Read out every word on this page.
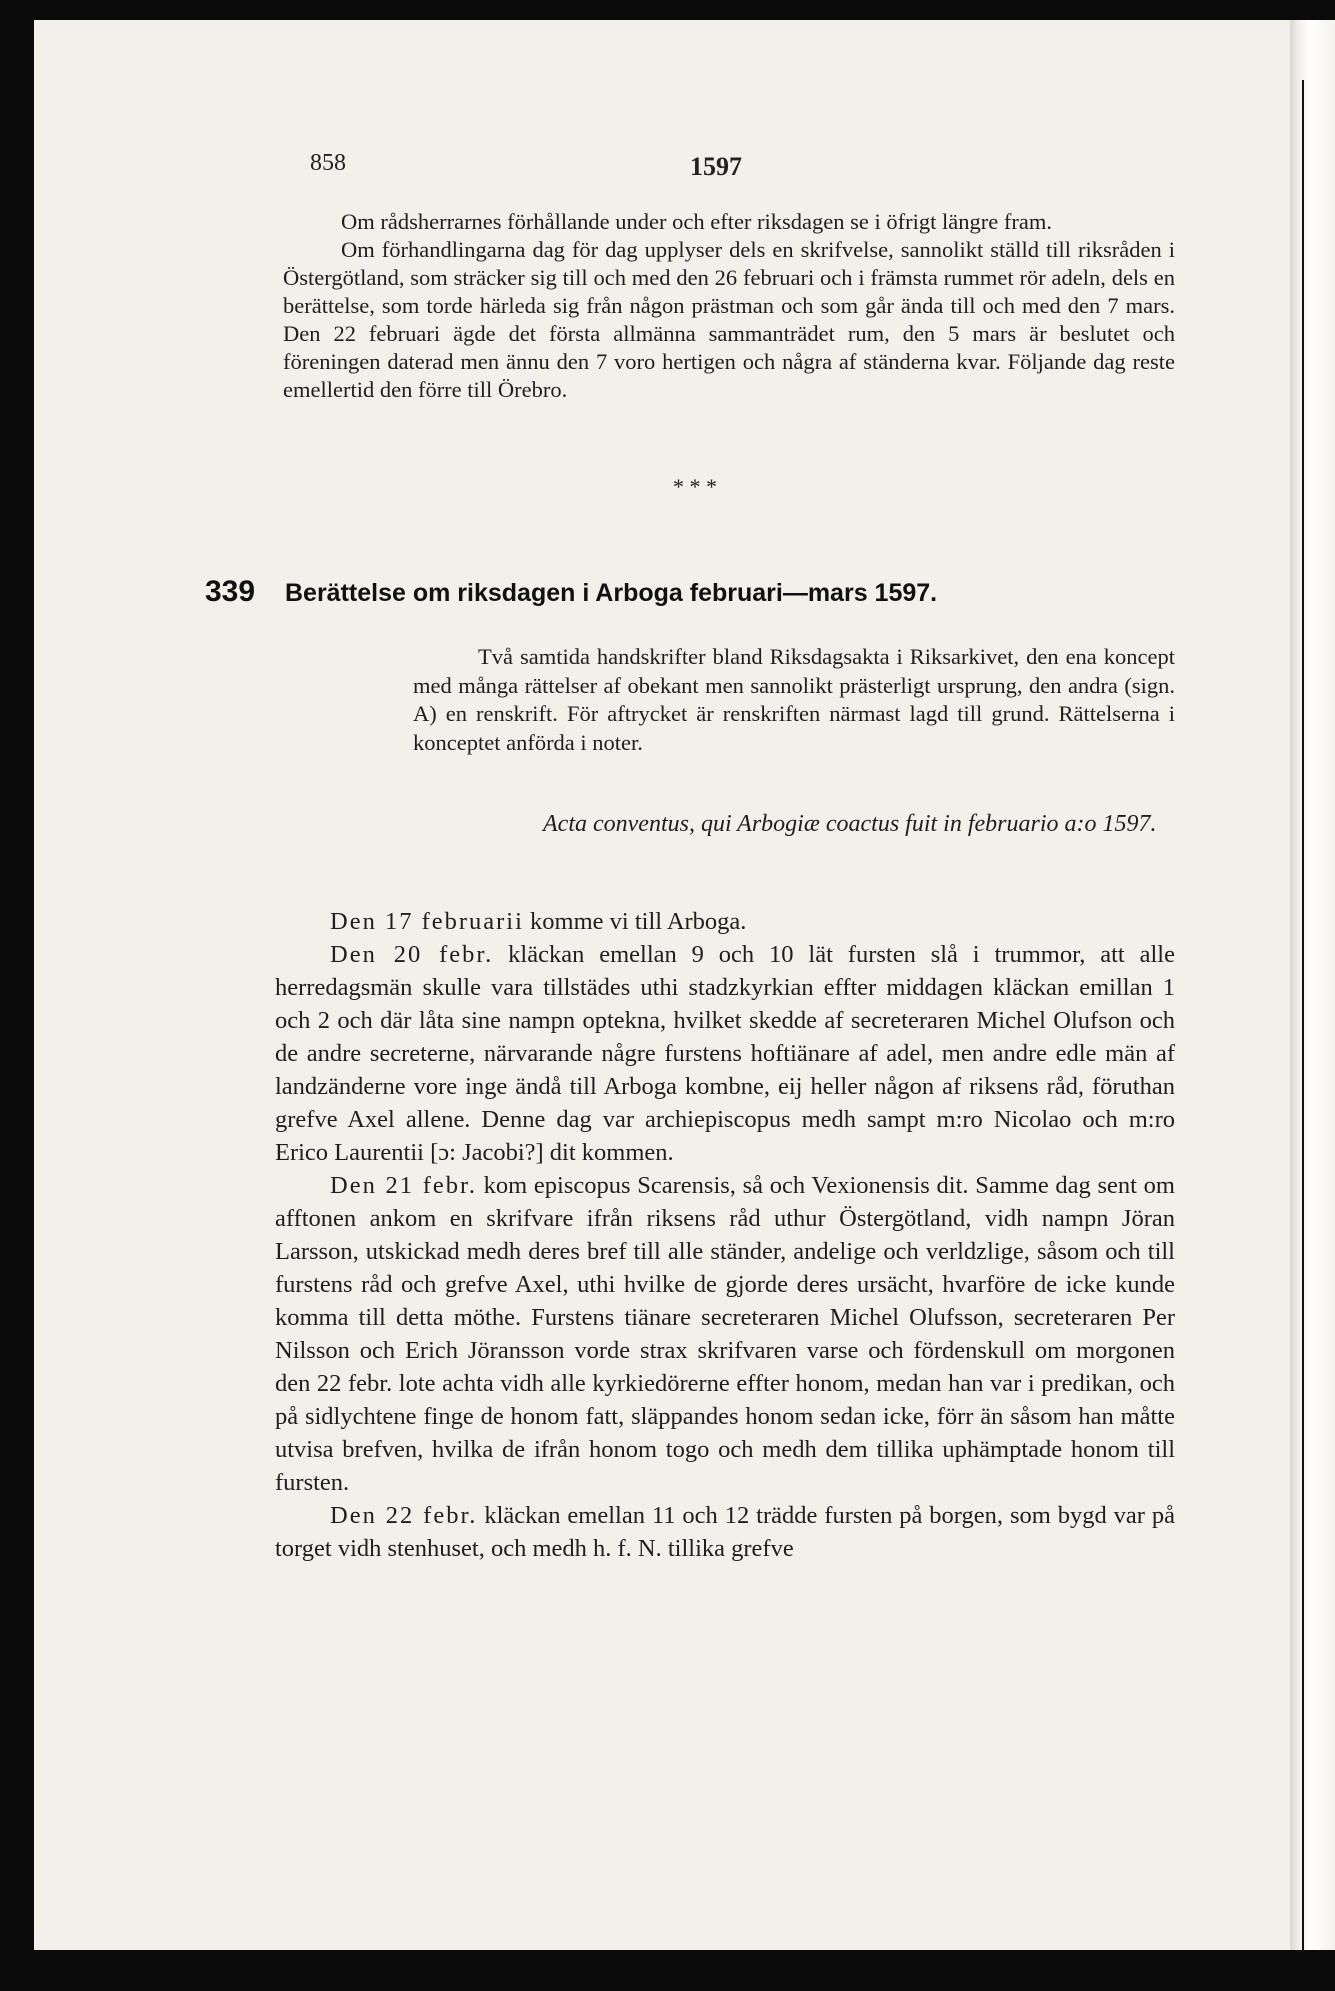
858	1597

Om rådsherrarnes förhållande under och efter riksdagen se i öfrigt längre fram.

Om förhandlingarna dag för dag upplyser dels en skrifvelse, sannolikt ställd till riksråden i Östergötland, som sträcker sig till och med den 26 februari och i främsta rummet rör adeln, dels en berättelse, som torde härleda sig från någon prästman och som går ända till och med den 7 mars. Den 22 februari ägde det första allmänna sammanträdet rum, den 5 mars är beslutet och föreningen daterad men ännu den 7 voro hertigen och några af ständerna kvar. Följande dag reste emellertid den förre till Örebro.

* * *
339 Berättelse om riksdagen i Arboga februari—mars 1597.

Två samtida handskrifter bland Riksdagsakta i Riksarkivet, den ena koncept med många rättelser af obekant men sannolikt prästerligt ursprung, den andra (sign. A) en renskrift. För aftrycket är renskriften närmast lagd till grund. Rättelserna i konceptet anförda i noter.

Acta conventus, qui Arbogiæ coactus fuit in februario a:o 1597.

Den 17 februarii komme vi till Arboga.

Den 20 febr. kläckan emellan 9 och 10 lät fursten slå i trummor, att alle herredagsmän skulle vara tillstädes uthi stadzkyrkian effter middagen kläckan emillan 1 och 2 och där låta sine nampn optekna, hvilket skedde af secreteraren Michel Olufson och de andre secreterne, närvarande någre furstens hoftiänare af adel, men andre edle män af landzänderne vore inge ändå till Arboga kombne, eij heller någon af riksens råd, föruthan grefve Axel allene. Denne dag var archiepiscopus medh sampt m:ro Nicolao och m:ro Erico Laurentii [ɔ: Jacobi?] dit kommen.

Den 21 febr. kom episcopus Scarensis, så och Vexionensis dit. Samme dag sent om afftonen ankom en skrifvare ifrån riksens råd uthur Östergötland, vidh nampn Jöran Larsson, utskickad medh deres bref till alle ständer, andelige och verldzlige, såsom och till furstens råd och grefve Axel, uthi hvilke de gjorde deres ursächt, hvarföre de icke kunde komma till detta möthe. Furstens tiänare secreteraren Michel Olufsson, secreteraren Per Nilsson och Erich Jöransson vorde strax skrifvaren varse och fördenskull om morgonen den 22 febr. lote achta vidh alle kyrkiedörerne effter honom, medan han var i predikan, och på sidlychtene finge de honom fatt, släppandes honom sedan icke, förr än såsom han måtte utvisa brefven, hvilka de ifrån honom togo och medh dem tillika uphämptade honom till fursten.

Den 22 febr. kläckan emellan 11 och 12 trädde fursten på borgen, som bygd var på torget vidh stenhuset, och medh h. f. N. tillika grefve
